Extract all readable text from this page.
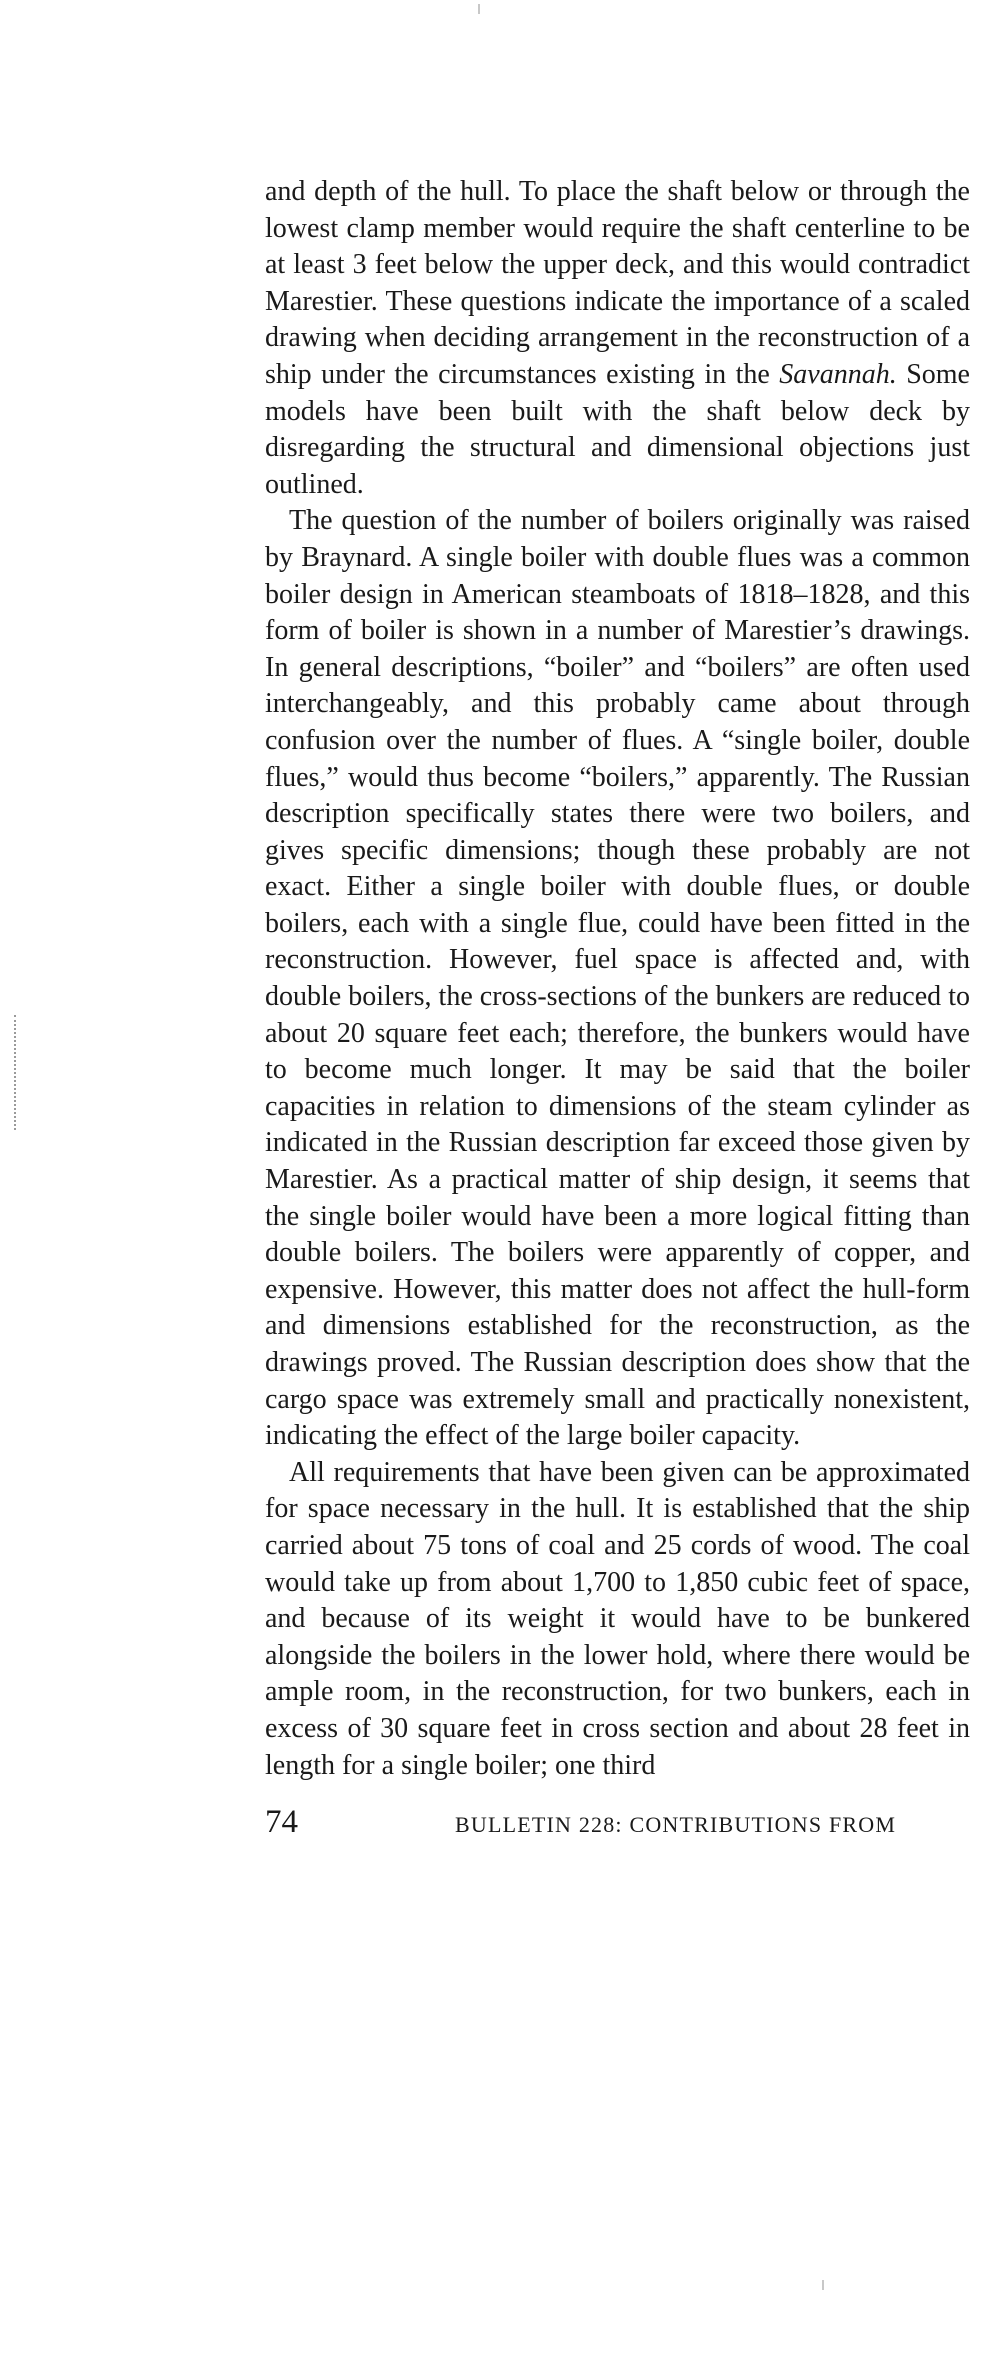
and depth of the hull. To place the shaft below or through the lowest clamp member would require the shaft centerline to be at least 3 feet below the upper deck, and this would contradict Marestier. These questions indicate the importance of a scaled drawing when deciding arrangement in the reconstruction of a ship under the circumstances existing in the Savannah. Some models have been built with the shaft below deck by disregarding the structural and dimensional objections just outlined.

The question of the number of boilers originally was raised by Braynard. A single boiler with double flues was a common boiler design in American steamboats of 1818–1828, and this form of boiler is shown in a number of Marestier’s drawings. In general descriptions, “boiler” and “boilers” are often used interchangeably, and this probably came about through confusion over the number of flues. A “single boiler, double flues,” would thus become “boilers,” apparently. The Russian description specifically states there were two boilers, and gives specific dimensions; though these probably are not exact. Either a single boiler with double flues, or double boilers, each with a single flue, could have been fitted in the reconstruction. However, fuel space is affected and, with double boilers, the cross-sections of the bunkers are reduced to about 20 square feet each; therefore, the bunkers would have to become much longer. It may be said that the boiler capacities in relation to dimensions of the steam cylinder as indicated in the Russian description far exceed those given by Marestier. As a practical matter of ship design, it seems that the single boiler would have been a more logical fitting than double boilers. The boilers were apparently of copper, and expensive. However, this matter does not affect the hull-form and dimensions established for the reconstruction, as the drawings proved. The Russian description does show that the cargo space was extremely small and practically nonexistent, indicating the effect of the large boiler capacity.

All requirements that have been given can be approximated for space necessary in the hull. It is established that the ship carried about 75 tons of coal and 25 cords of wood. The coal would take up from about 1,700 to 1,850 cubic feet of space, and because of its weight it would have to be bunkered alongside the boilers in the lower hold, where there would be ample room, in the reconstruction, for two bunkers, each in excess of 30 square feet in cross section and about 28 feet in length for a single boiler; one third

74	BULLETIN 228: CONTRIBUTIONS FROM
